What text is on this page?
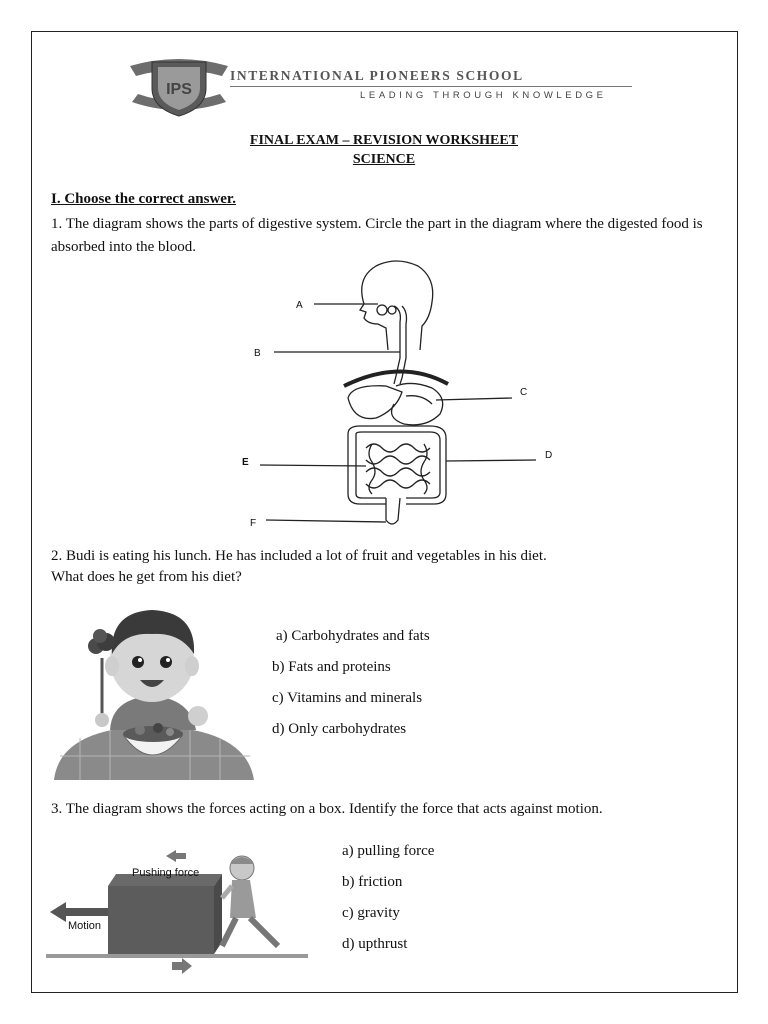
IPS
INTERNATIONAL PIONEERS SCHOOL
LEADING THROUGH KNOWLEDGE
FINAL EXAM – REVISION WORKSHEET
SCIENCE
I. Choose the correct answer.
1. The diagram shows the parts of digestive system. Circle the part in the diagram where the digested food is absorbed into the blood.
A
B
C
D
E
F
2. Budi is eating his lunch. He has included a lot of fruit and vegetables in his diet.
What does he get from his diet?
a) Carbohydrates and fats
b) Fats and proteins
c) Vitamins and minerals
d) Only carbohydrates
3. The diagram shows the forces acting on a box. Identify the force that acts against motion.
Pushing force
Motion
a) pulling force
b) friction
c) gravity
d) upthrust
